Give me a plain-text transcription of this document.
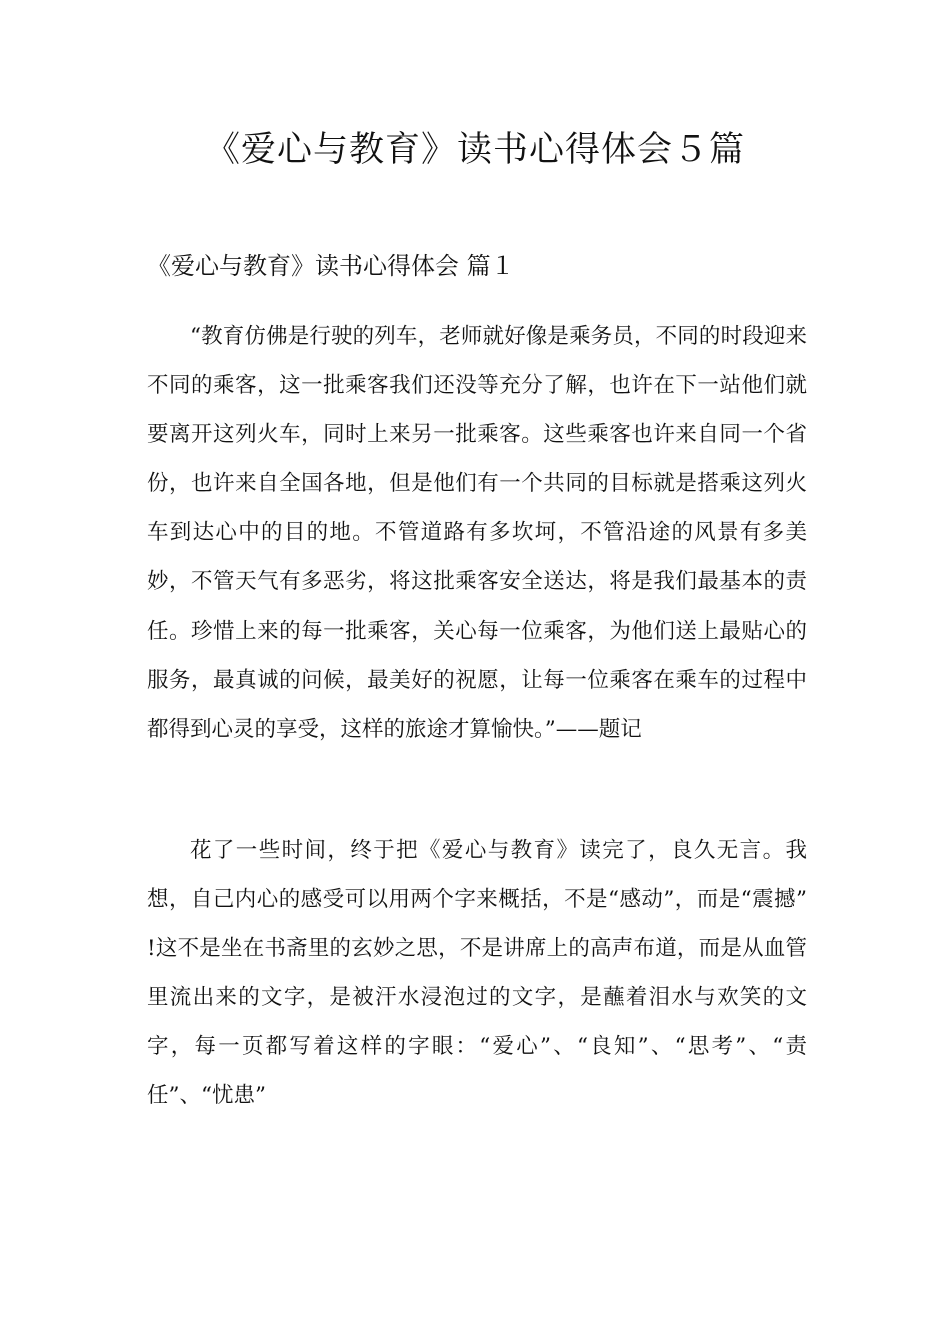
《爱心与教育》读书心得体会５篇
《爱心与教育》读书心得体会 篇１

“教育仿佛是行驶的列车，老师就好像是乘务员，不同的时段迎来不同的乘客，这一批乘客我们还没等充分了解，也许在下一站他们就要离开这列火车，同时上来另一批乘客。这些乘客也许来自同一个省份，也许来自全国各地，但是他们有一个共同的目标就是搭乘这列火车到达心中的目的地。不管道路有多坎坷，不管沿途的风景有多美妙，不管天气有多恶劣，将这批乘客安全送达，将是我们最基本的责任。珍惜上来的每一批乘客，关心每一位乘客，为他们送上最贴心的服务，最真诚的问候，最美好的祝愿，让每一位乘客在乘车的过程中都得到心灵的享受，这样的旅途才算愉快。”——题记

花了一些时间，终于把《爱心与教育》读完了，良久无言。我想，自己内心的感受可以用两个字来概括，不是“感动”，而是“震撼” !这不是坐在书斋里的玄妙之思，不是讲席上的高声布道，而是从血管里流出来的文字，是被汗水浸泡过的文字，是蘸着泪水与欢笑的文字，每一页都写着这样的字眼：“爱心”、“良知”、“思考”、“责任”、“忧患”
